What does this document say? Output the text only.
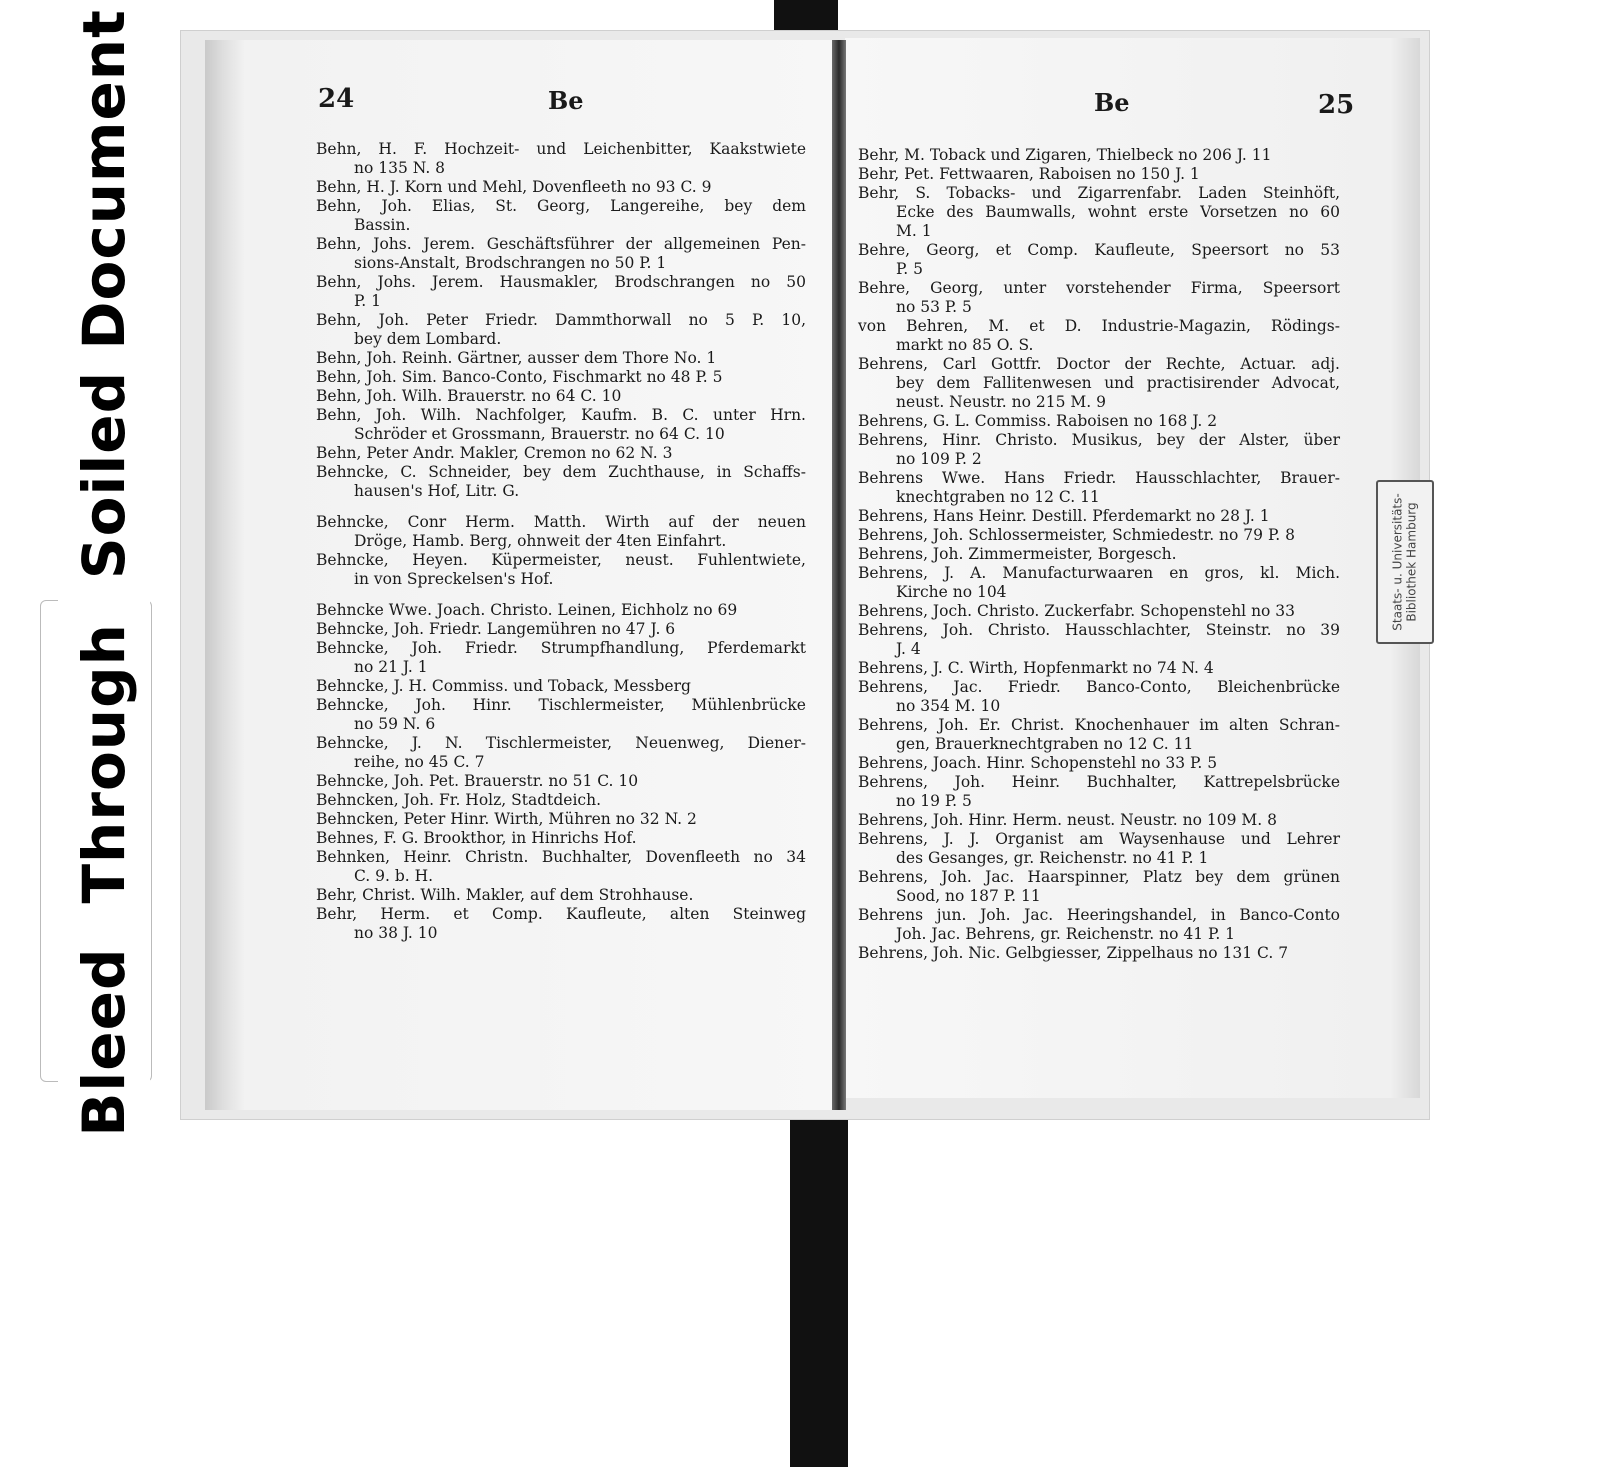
BleedThroughSoiled Document	24	Be	Be	25
Behn, H. F. Hochzeit- und Leichenbitter, Kaakstwiete
no 135 N. 8
Behn, H. J. Korn und Mehl, Dovenfleeth no 93 C. 9
Behn, Joh. Elias, St. Georg, Langereihe, bey dem
Bassin.
Behn, Johs. Jerem. Geschäftsführer der allgemeinen Pen-
sions-Anstalt, Brodschrangen no 50 P. 1
Behn, Johs. Jerem. Hausmakler, Brodschrangen no 50
P. 1
Behn, Joh. Peter Friedr. Dammthorwall no 5 P. 10,
bey dem Lombard.
Behn, Joh. Reinh. Gärtner, ausser dem Thore No. 1
Behn, Joh. Sim. Banco-Conto, Fischmarkt no 48 P. 5
Behn, Joh. Wilh. Brauerstr. no 64 C. 10
Behn, Joh. Wilh. Nachfolger, Kaufm. B. C. unter Hrn.
Schröder et Grossmann, Brauerstr. no 64 C. 10
Behn, Peter Andr. Makler, Cremon no 62 N. 3
Behncke, C. Schneider, bey dem Zuchthause, in Schaffs-
hausen's Hof, Litr. G.
Behncke, Conr Herm. Matth. Wirth auf der neuen
Dröge, Hamb. Berg, ohnweit der 4ten Einfahrt.
Behncke, Heyen. Küpermeister, neust. Fuhlentwiete,
in von Spreckelsen's Hof.
Behncke Wwe. Joach. Christo. Leinen, Eichholz no 69
Behncke, Joh. Friedr. Langemühren no 47 J. 6
Behncke, Joh. Friedr. Strumpfhandlung, Pferdemarkt
no 21 J. 1
Behncke, J. H. Commiss. und Toback, Messberg
Behncke, Joh. Hinr. Tischlermeister, Mühlenbrücke
no 59 N. 6
Behncke, J. N. Tischlermeister, Neuenweg, Diener-
reihe, no 45 C. 7
Behncke, Joh. Pet. Brauerstr. no 51 C. 10
Behncken, Joh. Fr. Holz, Stadtdeich.
Behncken, Peter Hinr. Wirth, Mühren no 32 N. 2
Behnes, F. G. Brookthor, in Hinrichs Hof.
Behnken, Heinr. Christn. Buchhalter, Dovenfleeth no 34
C. 9. b. H.
Behr, Christ. Wilh. Makler, auf dem Strohhause.
Behr, Herm. et Comp. Kaufleute, alten Steinweg
no 38 J. 10
Behr, M. Toback und Zigaren, Thielbeck no 206 J. 11
Behr, Pet. Fettwaaren, Raboisen no 150 J. 1
Behr, S. Tobacks- und Zigarrenfabr. Laden Steinhöft,
Ecke des Baumwalls, wohnt erste Vorsetzen no 60
M. 1
Behre, Georg, et Comp. Kaufleute, Speersort no 53
P. 5
Behre, Georg, unter vorstehender Firma, Speersort
no 53 P. 5
von Behren, M. et D. Industrie-Magazin, Rödings-
markt no 85 O. S.
Behrens, Carl Gottfr. Doctor der Rechte, Actuar. adj.
bey dem Fallitenwesen und practisirender Advocat,
neust. Neustr. no 215 M. 9
Behrens, G. L. Commiss. Raboisen no 168 J. 2
Behrens, Hinr. Christo. Musikus, bey der Alster, über
no 109 P. 2
Behrens Wwe. Hans Friedr. Hausschlachter, Brauer-
knechtgraben no 12 C. 11
Behrens, Hans Heinr. Destill. Pferdemarkt no 28 J. 1
Behrens, Joh. Schlossermeister, Schmiedestr. no 79 P. 8
Behrens, Joh. Zimmermeister, Borgesch.
Behrens, J. A. Manufacturwaaren en gros, kl. Mich.
Kirche no 104
Behrens, Joch. Christo. Zuckerfabr. Schopenstehl no 33
Behrens, Joh. Christo. Hausschlachter, Steinstr. no 39
J. 4
Behrens, J. C. Wirth, Hopfenmarkt no 74 N. 4
Behrens, Jac. Friedr. Banco-Conto, Bleichenbrücke
no 354 M. 10
Behrens, Joh. Er. Christ. Knochenhauer im alten Schran-
gen, Brauerknechtgraben no 12 C. 11
Behrens, Joach. Hinr. Schopenstehl no 33 P. 5
Behrens, Joh. Heinr. Buchhalter, Kattrepelsbrücke
no 19 P. 5
Behrens, Joh. Hinr. Herm. neust. Neustr. no 109 M. 8
Behrens, J. J. Organist am Waysenhause und Lehrer
des Gesanges, gr. Reichenstr. no 41 P. 1
Behrens, Joh. Jac. Haarspinner, Platz bey dem grünen
Sood, no 187 P. 11
Behrens jun. Joh. Jac. Heeringshandel, in Banco-Conto
Joh. Jac. Behrens, gr. Reichenstr. no 41 P. 1
Behrens, Joh. Nic. Gelbgiesser, Zippelhaus no 131 C. 7
Staats- u. Universitäts- Bibliothek Hamburg
